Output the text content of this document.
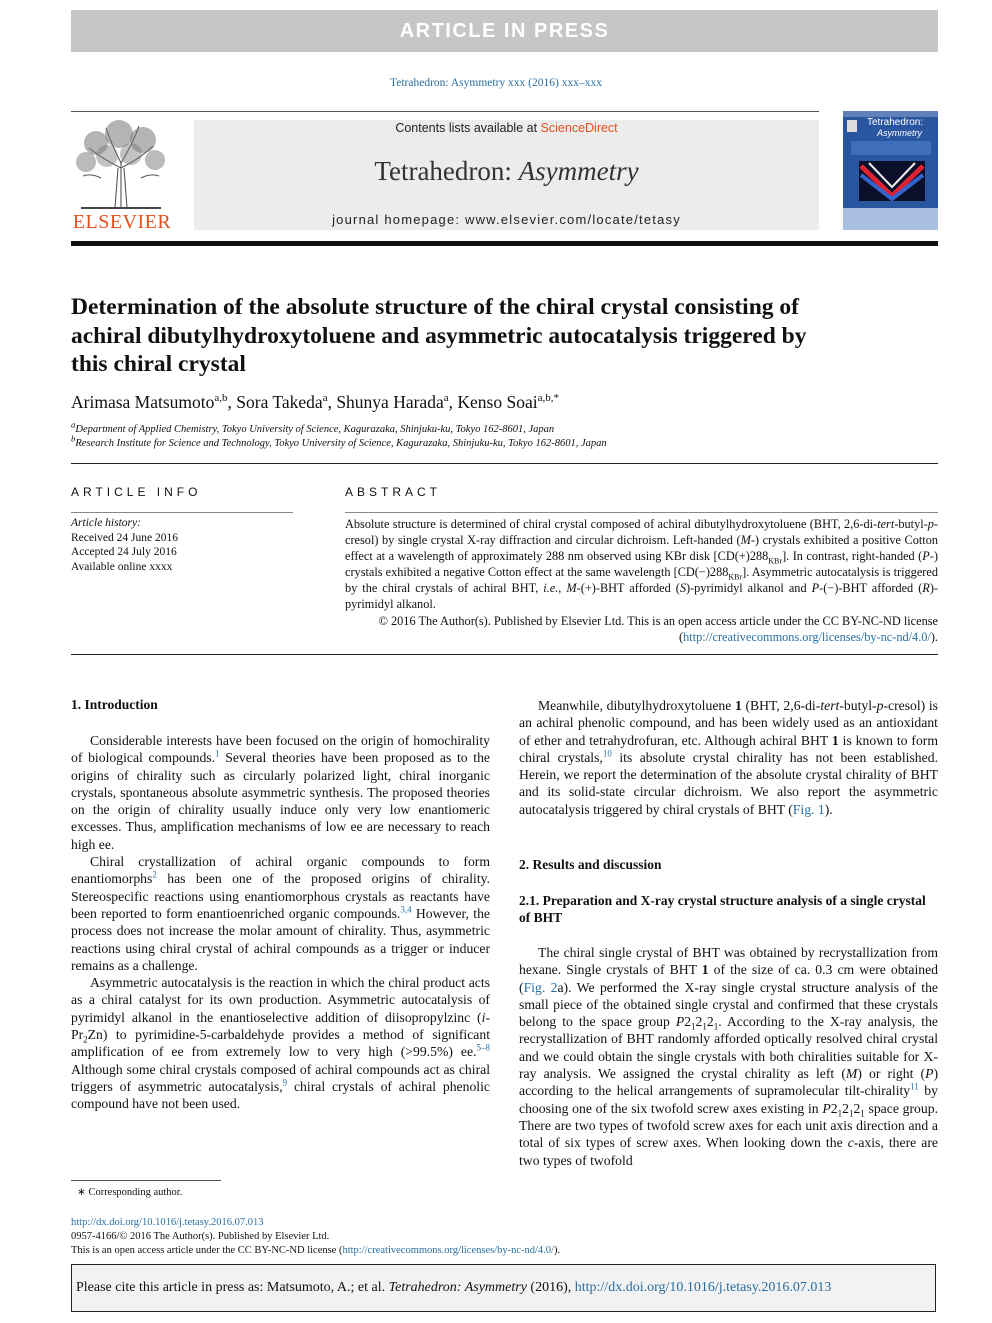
ARTICLE IN PRESS
Tetrahedron: Asymmetry xxx (2016) xxx–xxx
ELSEVIER
Contents lists available at ScienceDirect
Tetrahedron: Asymmetry
journal homepage: www.elsevier.com/locate/tetasy
Tetrahedron:
Asymmetry
Determination of the absolute structure of the chiral crystal consisting of achiral dibutylhydroxytoluene and asymmetric autocatalysis triggered by this chiral crystal
Arimasa Matsumoto$^{a,b}$, Sora Takeda$^a$, Shunya Harada$^a$, Kenso Soai$^{a,b,*}$
$^a$Department of Applied Chemistry, Tokyo University of Science, Kagurazaka, Shinjuku-ku, Tokyo 162-8601, Japan
$^b$Research Institute for Science and Technology, Tokyo University of Science, Kagurazaka, Shinjuku-ku, Tokyo 162-8601, Japan
ARTICLE INFO
Article history:
Received 24 June 2016
Accepted 24 July 2016
Available online xxxx
ABSTRACT
Absolute structure is determined of chiral crystal composed of achiral dibutylhydroxytoluene (BHT, 2,6-di-tert-butyl-p-cresol) by single crystal X-ray diffraction and circular dichroism. Left-handed (M-) crystals exhibited a positive Cotton effect at a wavelength of approximately 288 nm observed using KBr disk $[CD(+)288_{KBr}]$. In contrast, right-handed (P-) crystals exhibited a negative Cotton effect at the same wavelength $[CD(-)288_{KBr}]$. Asymmetric autocatalysis is triggered by the chiral crystals of achiral BHT, i.e., M-(+)-BHT afforded (S)-pyrimidyl alkanol and P-(−)-BHT afforded (R)-pyrimidyl alkanol.
© 2016 The Author(s). Published by Elsevier Ltd. This is an open access article under the CC BY-NC-ND license (http://creativecommons.org/licenses/by-nc-nd/4.0/).
1. Introduction

Considerable interests have been focused on the origin of homochirality of biological compounds.$^1$ Several theories have been proposed as to the origins of chirality such as circularly polarized light, chiral inorganic crystals, spontaneous absolute asymmetric synthesis. The proposed theories on the origin of chirality usually induce only very low enantiomeric excesses. Thus, amplification mechanisms of low ee are necessary to reach high ee.

Chiral crystallization of achiral organic compounds to form enantiomorphs$^2$ has been one of the proposed origins of chirality. Stereospecific reactions using enantiomorphous crystals as reactants have been reported to form enantioenriched organic compounds.$^{3,4}$ However, the process does not increase the molar amount of chirality. Thus, asymmetric reactions using chiral crystal of achiral compounds as a trigger or inducer remains as a challenge.

Asymmetric autocatalysis is the reaction in which the chiral product acts as a chiral catalyst for its own production. Asymmetric autocatalysis of pyrimidyl alkanol in the enantioselective addition of diisopropylzinc $(i-Pr_2Zn)$ to pyrimidine-5-carbaldehyde provides a method of significant amplification of ee from extremely low to very high (>99.5%) ee.$^{5-8}$ Although some chiral crystals composed of achiral compounds act as chiral triggers of asymmetric autocatalysis,$^9$ chiral crystals of achiral phenolic compound have not been used.

∗ Corresponding author.

Meanwhile, dibutylhydroxytoluene 1 (BHT, 2,6-di-tert-butyl-p-cresol) is an achiral phenolic compound, and has been widely used as an antioxidant of ether and tetrahydrofuran, etc. Although achiral BHT 1 is known to form chiral crystals,$^{10}$ its absolute crystal chirality has not been established. Herein, we report the determination of the absolute crystal chirality of BHT and its solid-state circular dichroism. We also report the asymmetric autocatalysis triggered by chiral crystals of BHT (Fig. 1).

2. Results and discussion
2.1. Preparation and X-ray crystal structure analysis of a single crystal of BHT

The chiral single crystal of BHT was obtained by recrystallization from hexane. Single crystals of BHT 1 of the size of ca. 0.3 cm were obtained (Fig. 2a). We performed the X-ray single crystal structure analysis of the small piece of the obtained single crystal and confirmed that these crystals belong to the space group $P2_12_12_1$. According to the X-ray analysis, the recrystallization of BHT randomly afforded optically resolved chiral crystal and we could obtain the single crystals with both chiralities suitable for X-ray analysis. We assigned the crystal chirality as left (M) or right (P) according to the helical arrangements of supramolecular tilt-chirality$^{11}$ by choosing one of the six twofold screw axes existing in $P2_12_12_1$ space group. There are two types of twofold screw axes for each unit axis direction and a total of six types of screw axes. When looking down the c-axis, there are two types of twofold

http://dx.doi.org/10.1016/j.tetasy.2016.07.013
0957-4166/© 2016 The Author(s). Published by Elsevier Ltd.
This is an open access article under the CC BY-NC-ND license (http://creativecommons.org/licenses/by-nc-nd/4.0/).
Please cite this article in press as: Matsumoto, A.; et al.
Tetrahedron: Asymmetry
(2016),
http://dx.doi.org/10.1016/j.tetasy.2016.07.013
